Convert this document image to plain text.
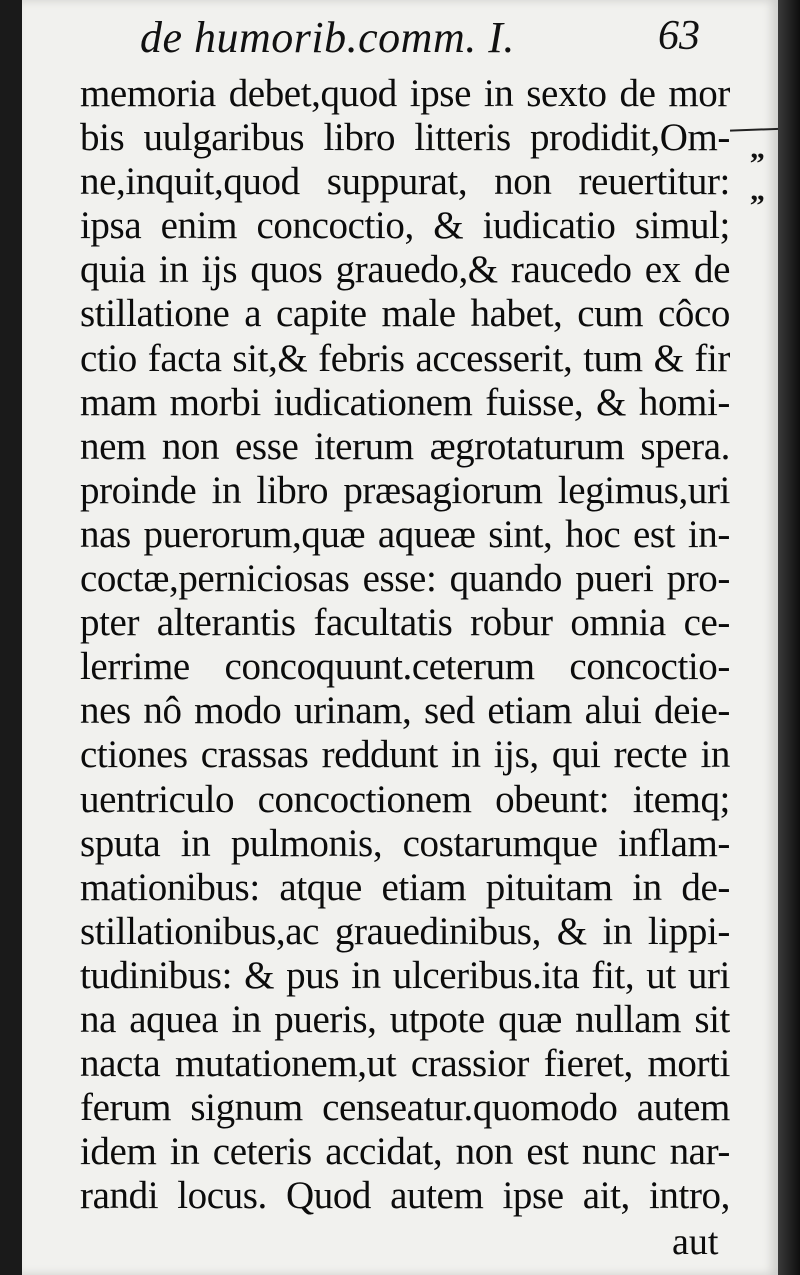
de humorib.comm. I.	63
„
„
memoria debet,quod ipse in sexto de mor
bis uulgaribus libro litteris prodidit,Om-
ne,inquit,quod suppurat, non reuertitur:
ipsa enim concoctio, & iudicatio simul;
quia in ijs quos grauedo,& raucedo ex de
stillatione a capite male habet, cum côco
ctio facta sit,& febris accesserit, tum & fir
mam morbi iudicationem fuisse, & homi-
nem non esse iterum ægrotaturum spera.
proinde in libro præsagiorum legimus,uri
nas puerorum,quæ aqueæ sint, hoc est in-
coctæ,perniciosas esse: quando pueri pro-
pter alterantis facultatis robur omnia ce-
lerrime concoquunt.ceterum concoctio-
nes nô modo urinam, sed etiam alui deie-
ctiones crassas reddunt in ijs, qui recte in
uentriculo concoctionem obeunt: itemq;
sputa in pulmonis, costarumque inflam-
mationibus: atque etiam pituitam in de-
stillationibus,ac grauedinibus, & in lippi-
tudinibus: & pus in ulceribus.ita fit, ut uri
na aquea in pueris, utpote quæ nullam sit
nacta mutationem,ut crassior fieret, morti
ferum signum censeatur.quomodo autem
idem in ceteris accidat, non est nunc nar-
randi locus. Quod autem ipse ait, intro,
aut
